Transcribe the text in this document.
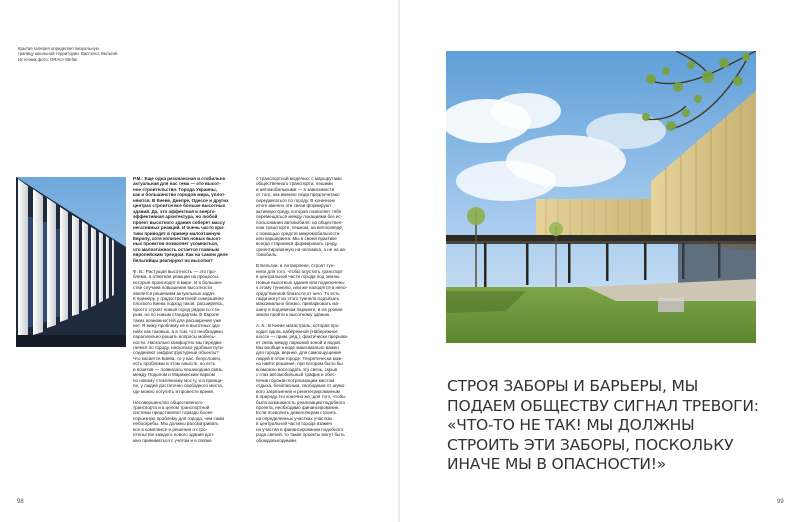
Крытая галерея определяет визуальную
границу школьной территории. Бассельт, Бельгия.
Источник фото: GRAU+Stefan
Р.М.: Еще одна резонансная и стабильно
актуальная для нас тема — это высот-
ное строительство. Города Украины,
как и большинство городов мира, уплот-
няются. В Киеве, Днепре, Одессе и других
центрах строится все больше высотных
зданий. Да, это эффектная и энерго-
эффективная архитектура, но любой
проект высотного здания соберет массу
негативных реакций. И очень часто кри-
тики приводят в пример малоэтажную
Европу, хотя количество новых высот-
ных проектов позволяет усомниться,
что малоэтажность остается главным
европейским трендом. Как на самом деле
бельгийцы реагируют на высотки?
Ф. В.: Растущая высотность — это про-
блема, а ответная реакция на процессы,
которые происходят в мире. И в большин-
стве случаев повышение высотности
является решением актуальных задач.
К примеру, у градостроителей совершенно
плоского Киева подход таков: расширяясь,
просто строят новый город рядом со ста-
рым, но по новым стандартам. В Европе
таких возможностей для расширения уже
нет. Я вижу проблему не в высотных зда-
ниях как таковых, а в том, что необходимо
параллельно решать вопросы мобиль-
ности. Насколько комфортно мы передви-
гаемся по городу, насколько удобные пути
соединяют инфраструктурные объекты?
Что касается Киева, то у вас, безусловно,
есть проблемы в этом смысле, но есть
и позитив — появилась пешеходная связь
между Подолом и Мариинским парком
по новому стеклянному мосту, и в принци-
пе, у людей достаточно свободного места,
где можно погулять и провести время.
Несовершенство общественного
транспорта и в целом транспортной
системы представляет гораздо более
серьезную проблему для города, чем сами
небоскребы. Мы должны рассматривать
все в комплексе и решения о стро-
ительстве каждого нового здания дол-
жно приниматься с учетом и в связке
с транспортной моделью: с маршрутами
общественного транспорта, пешими
и автомобильными — в зависимости
от того, как именно люди предпочитают
передвигаться по городу. В конечном
итоге именно эти связи формируют
активную среду, которая позволяет тебе
перемещаться между локациями без ис-
пользования автомобиля: на обществен-
ном транспорте, пешком, на велосипеде,
с помощью средств микромобильности
или каршеринга. Мы в своей практике
всегда стараемся формировать среду,
ориентированную на человека, а не на ав-
томобиль.
В Бельгии, в Антверпене, строят тун-
нели для того, чтобы опустить транспорт
в центральной части города под землю.
Новые высотные здания или подключены
к этому туннелю, или же находятся в непо-
средственной близости от него. То есть
люди могут из этого туннеля подъехать
максимально близко, припарковать ма-
шину в подземном паркинге, и на уровне
земли пройти к высотному зданию.
А. К.: В Киеве магистраль, которая про-
ходит вдоль набережной (Набережное
шоссе — прим. ред.), фактически прерыва-
ет связь между парковой зоной и водой.
Мы вообще к воде максимально важен
для города, вернее, для самоощущения
людей в этом городе. Теоретически мож-
но найти решение, при котором было бы
возможно воссоздать эту связь, скрыв
с глаз автомобильный трафик и обес-
печив горожан потрясающим местом
отдыха, безопасным, свободным от шумо-
вого загрязнения и реинтегрированным
в природу. Но конечно же, для того, чтобы
была возможность реализации подобного
проекта, необходимо финансирование.
Если позволить девелоперам строить
на определенных участках участках
в центральной части города взамен
на участие в финансировании подобного
рода связей, то такие проекты могут быть
обоюдовыгодными.
98
СТРОЯ ЗАБОРЫ И БАРЬЕРЫ, МЫ
ПОДАЕМ ОБЩЕСТВУ СИГНАЛ ТРЕВОГИ:
«ЧТО-ТО НЕ ТАК! МЫ ДОЛЖНЫ
СТРОИТЬ ЭТИ ЗАБОРЫ, ПОСКОЛЬКУ
ИНАЧЕ МЫ В ОПАСНОСТИ!»
99
